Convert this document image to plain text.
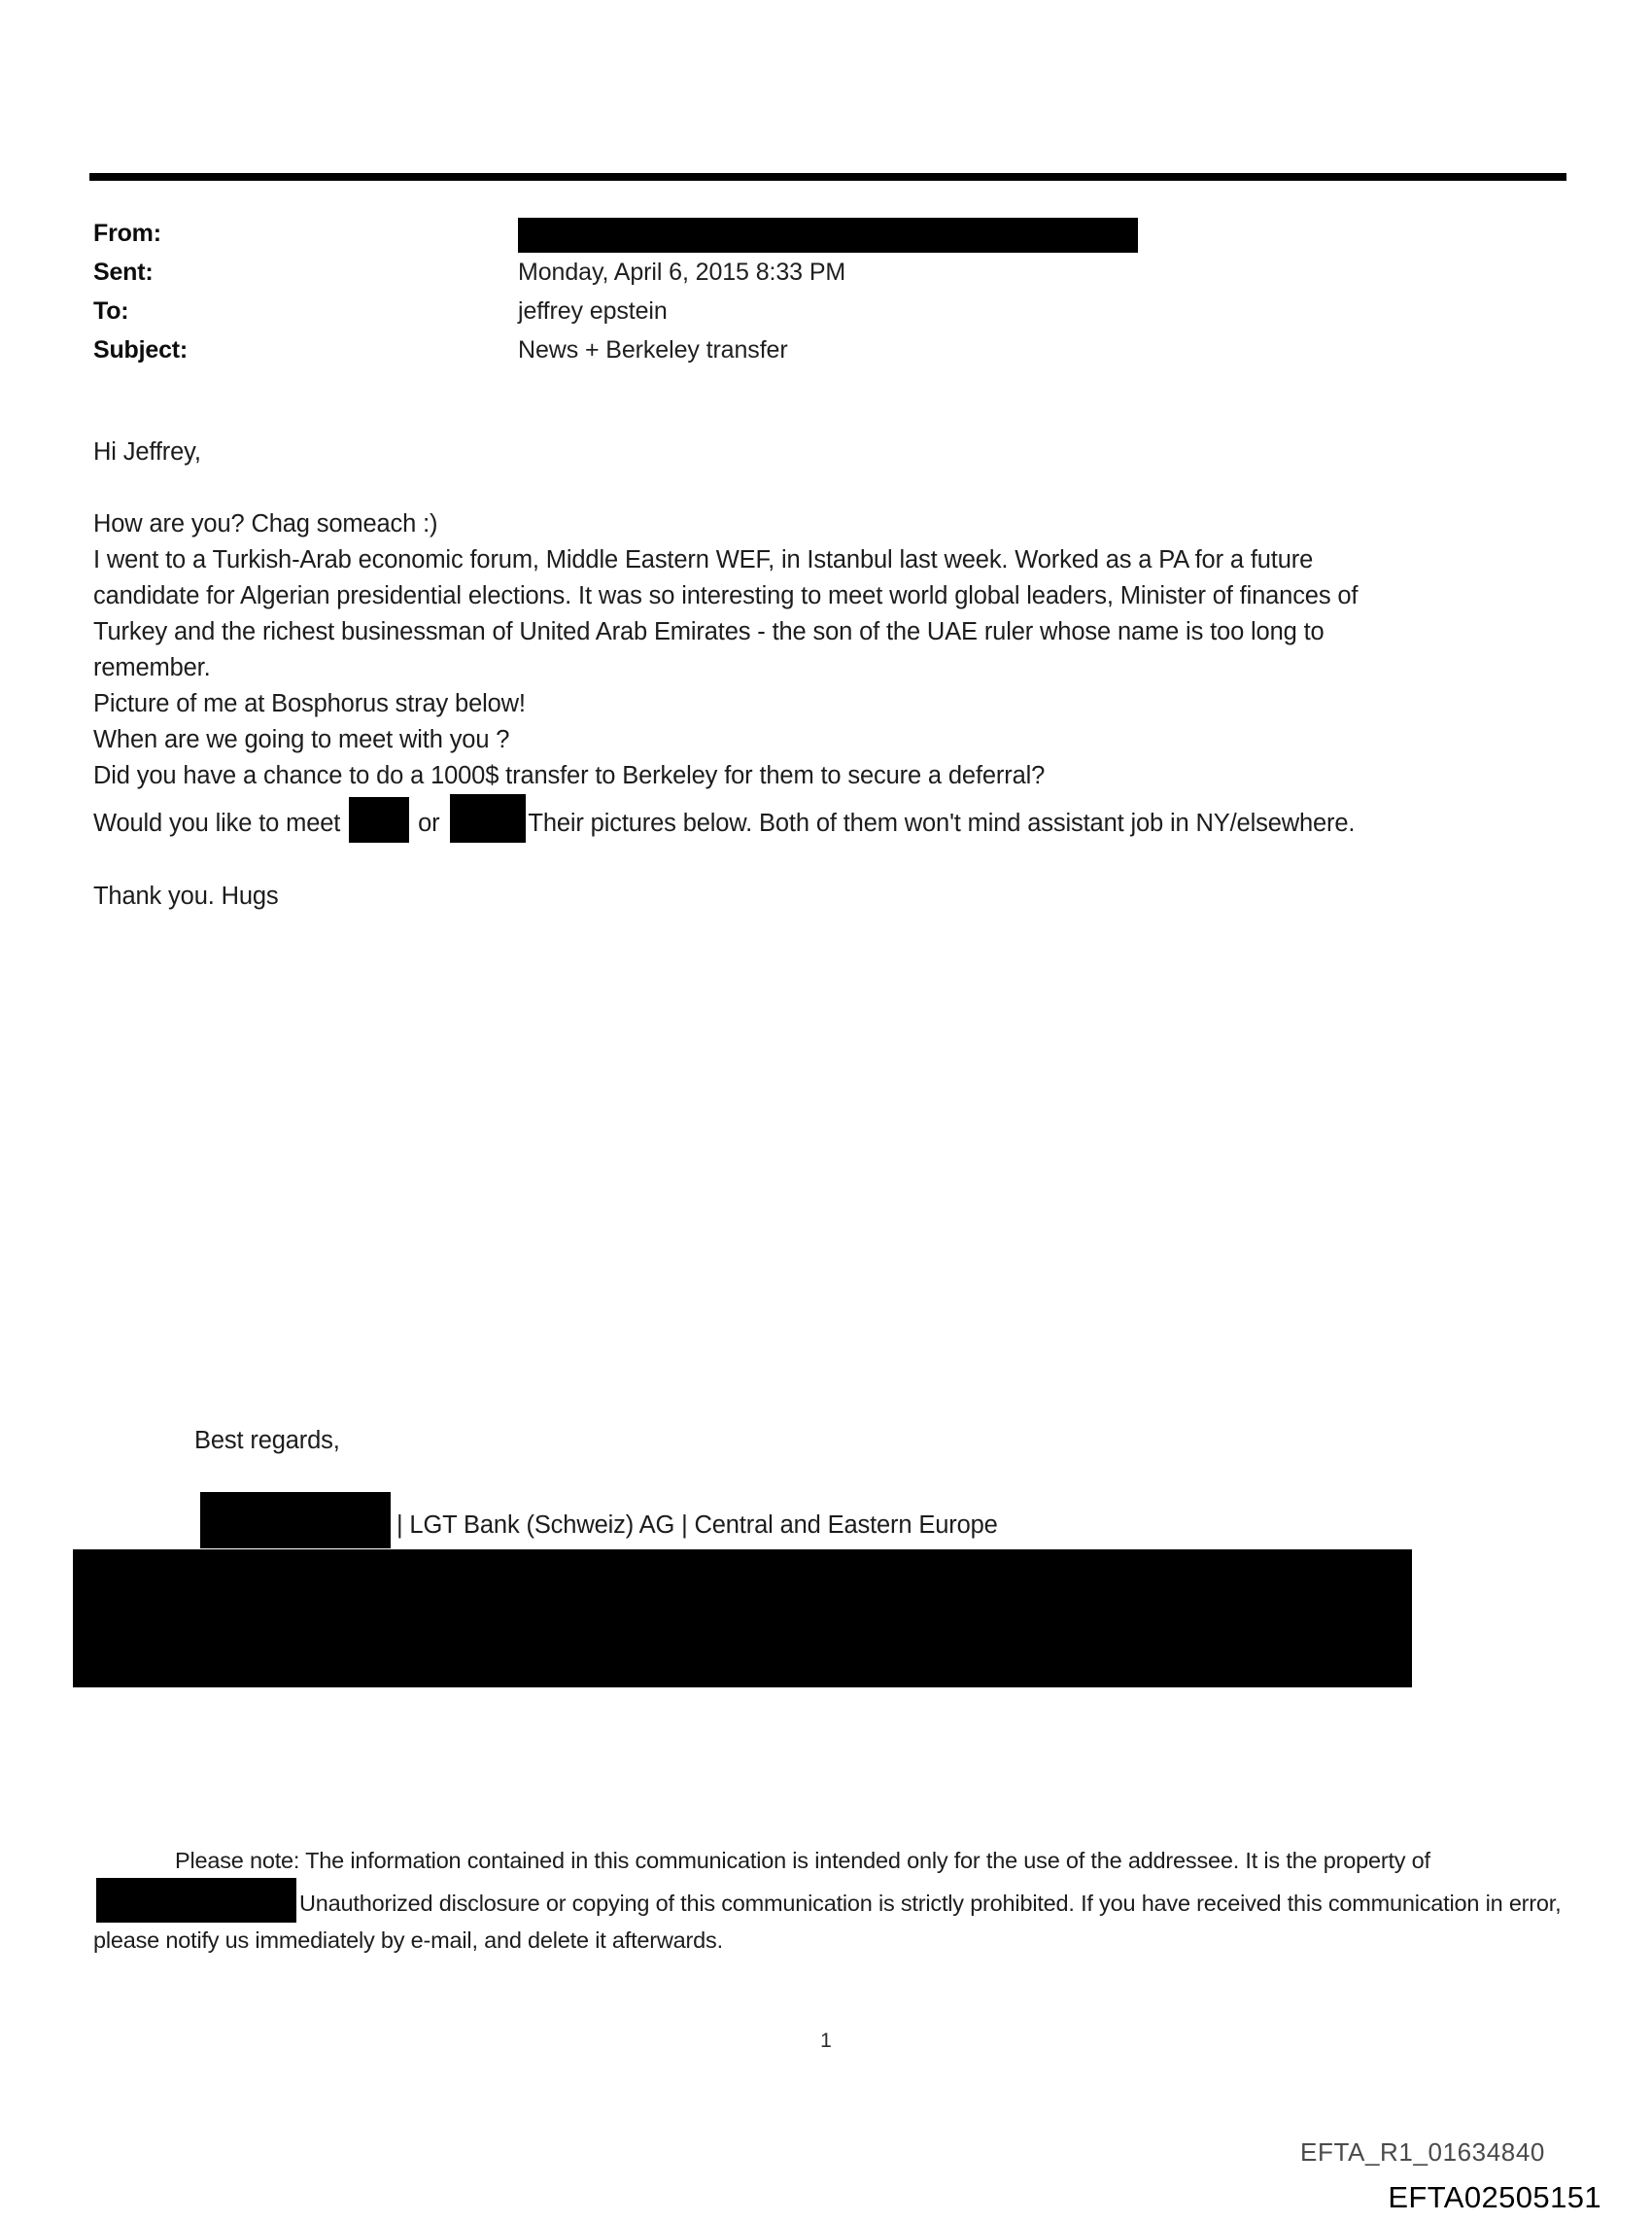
From:
Sent:	Monday, April 6, 2015 8:33 PM
To:	jeffrey epstein
Subject:	News + Berkeley transfer

Hi Jeffrey,

How are you? Chag someach :)

I went to a Turkish-Arab economic forum, Middle Eastern WEF, in Istanbul last week. Worked as a PA for a future

candidate for Algerian presidential elections. It was so interesting to meet world global leaders, Minister of finances of

Turkey and the richest businessman of United Arab Emirates - the son of the UAE ruler whose name is too long to

remember.

Picture of me at Bosphorus stray below!

When are we going to meet with you ?

Did you have a chance to do a 1000$ transfer to Berkeley for them to secure a deferral?

Would you like to meet	or	Their pictures below. Both of them won't mind assistant job in NY/elsewhere.

Thank you. Hugs

Best regards,
| LGT Bank (Schweiz) AG | Central and Eastern Europe
Please note: The information contained in this communication is intended only for the use of the addressee. It is the property ofUnauthorized disclosure or copying of this communication is strictly prohibited. If you have received this communication in error, please notify us immediately by e-mail, and delete it afterwards.
1
EFTA_R1_01634840
EFTA02505151
